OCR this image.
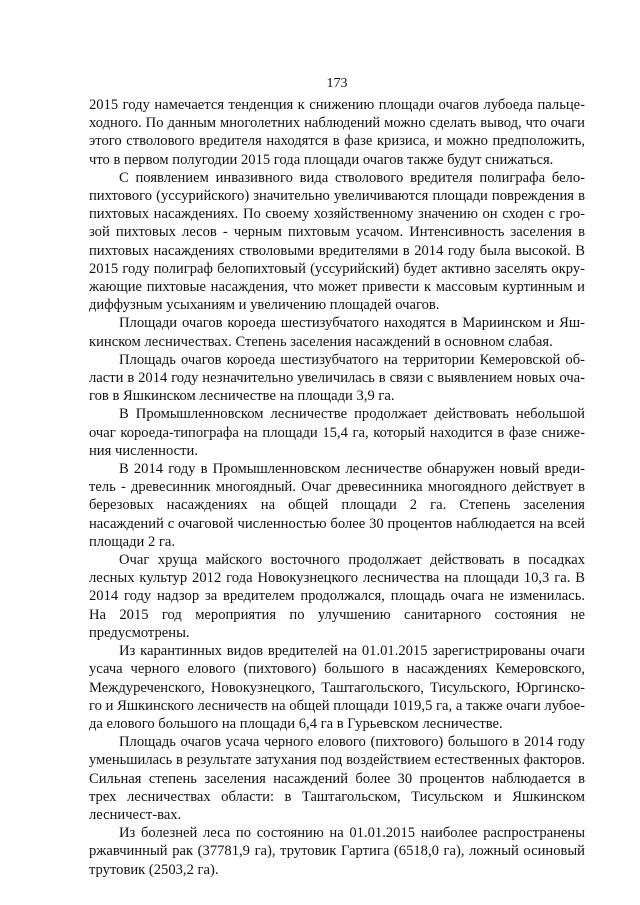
173

2015 году намечается тенденция к снижению площади очагов лубоеда пальце-ходного. По данным многолетних наблюдений можно сделать вывод, что очаги этого стволового вредителя находятся в фазе кризиса, и можно предположить, что в первом полугодии 2015 года площади очагов также будут снижаться.

С появлением инвазивного вида стволового вредителя полиграфа бело-пихтового (уссурийского) значительно увеличиваются площади повреждения в пихтовых насаждениях. По своему хозяйственному значению он сходен с гро-зой пихтовых лесов - черным пихтовым усачом. Интенсивность заселения в пихтовых насаждениях стволовыми вредителями в 2014 году была высокой. В 2015 году полиграф белопихтовый (уссурийский) будет активно заселять окру-жающие пихтовые насаждения, что может привести к массовым куртинным и диффузным усыханиям и увеличению площадей очагов.

Площади очагов короеда шестизубчатого находятся в Мариинском и Яш-кинском лесничествах. Степень заселения насаждений в основном слабая.

Площадь очагов короеда шестизубчатого на территории Кемеровской об-ласти в 2014 году незначительно увеличилась в связи с выявлением новых оча-гов в Яшкинском лесничестве на площади 3,9 га.

В Промышленновском лесничестве продолжает действовать небольшой очаг короеда-типографа на площади 15,4 га, который находится в фазе сниже-ния численности.

В 2014 году в Промышленновском лесничестве обнаружен новый вреди-тель - древесинник многоядный. Очаг древесинника многоядного действует в березовых насаждениях на общей площади 2 га. Степень заселения насаждений с очаговой численностью более 30 процентов наблюдается на всей площади 2 га.

Очаг хруща майского восточного продолжает действовать в посадках лесных культур 2012 года Новокузнецкого лесничества на площади 10,3 га. В 2014 году надзор за вредителем продолжался, площадь очага не изменилась. На 2015 год мероприятия по улучшению санитарного состояния не предусмотрены.

Из карантинных видов вредителей на 01.01.2015 зарегистрированы очаги усача черного елового (пихтового) большого в насаждениях Кемеровского, Междуреченского, Новокузнецкого, Таштагольского, Тисульского, Юргинско-го и Яшкинского лесничеств на общей площади 1019,5 га, а также очаги лубое-да елового большого на площади 6,4 га в Гурьевском лесничестве.

Площадь очагов усача черного елового (пихтового) большого в 2014 году уменьшилась в результате затухания под воздействием естественных факторов. Сильная степень заселения насаждений более 30 процентов наблюдается в трех лесничествах области: в Таштагольском, Тисульском и Яшкинском лесничест-вах.

Из болезней леса по состоянию на 01.01.2015 наиболее распространены ржавчинный рак (37781,9 га), трутовик Гартига (6518,0 га), ложный осиновый трутовик (2503,2 га).
